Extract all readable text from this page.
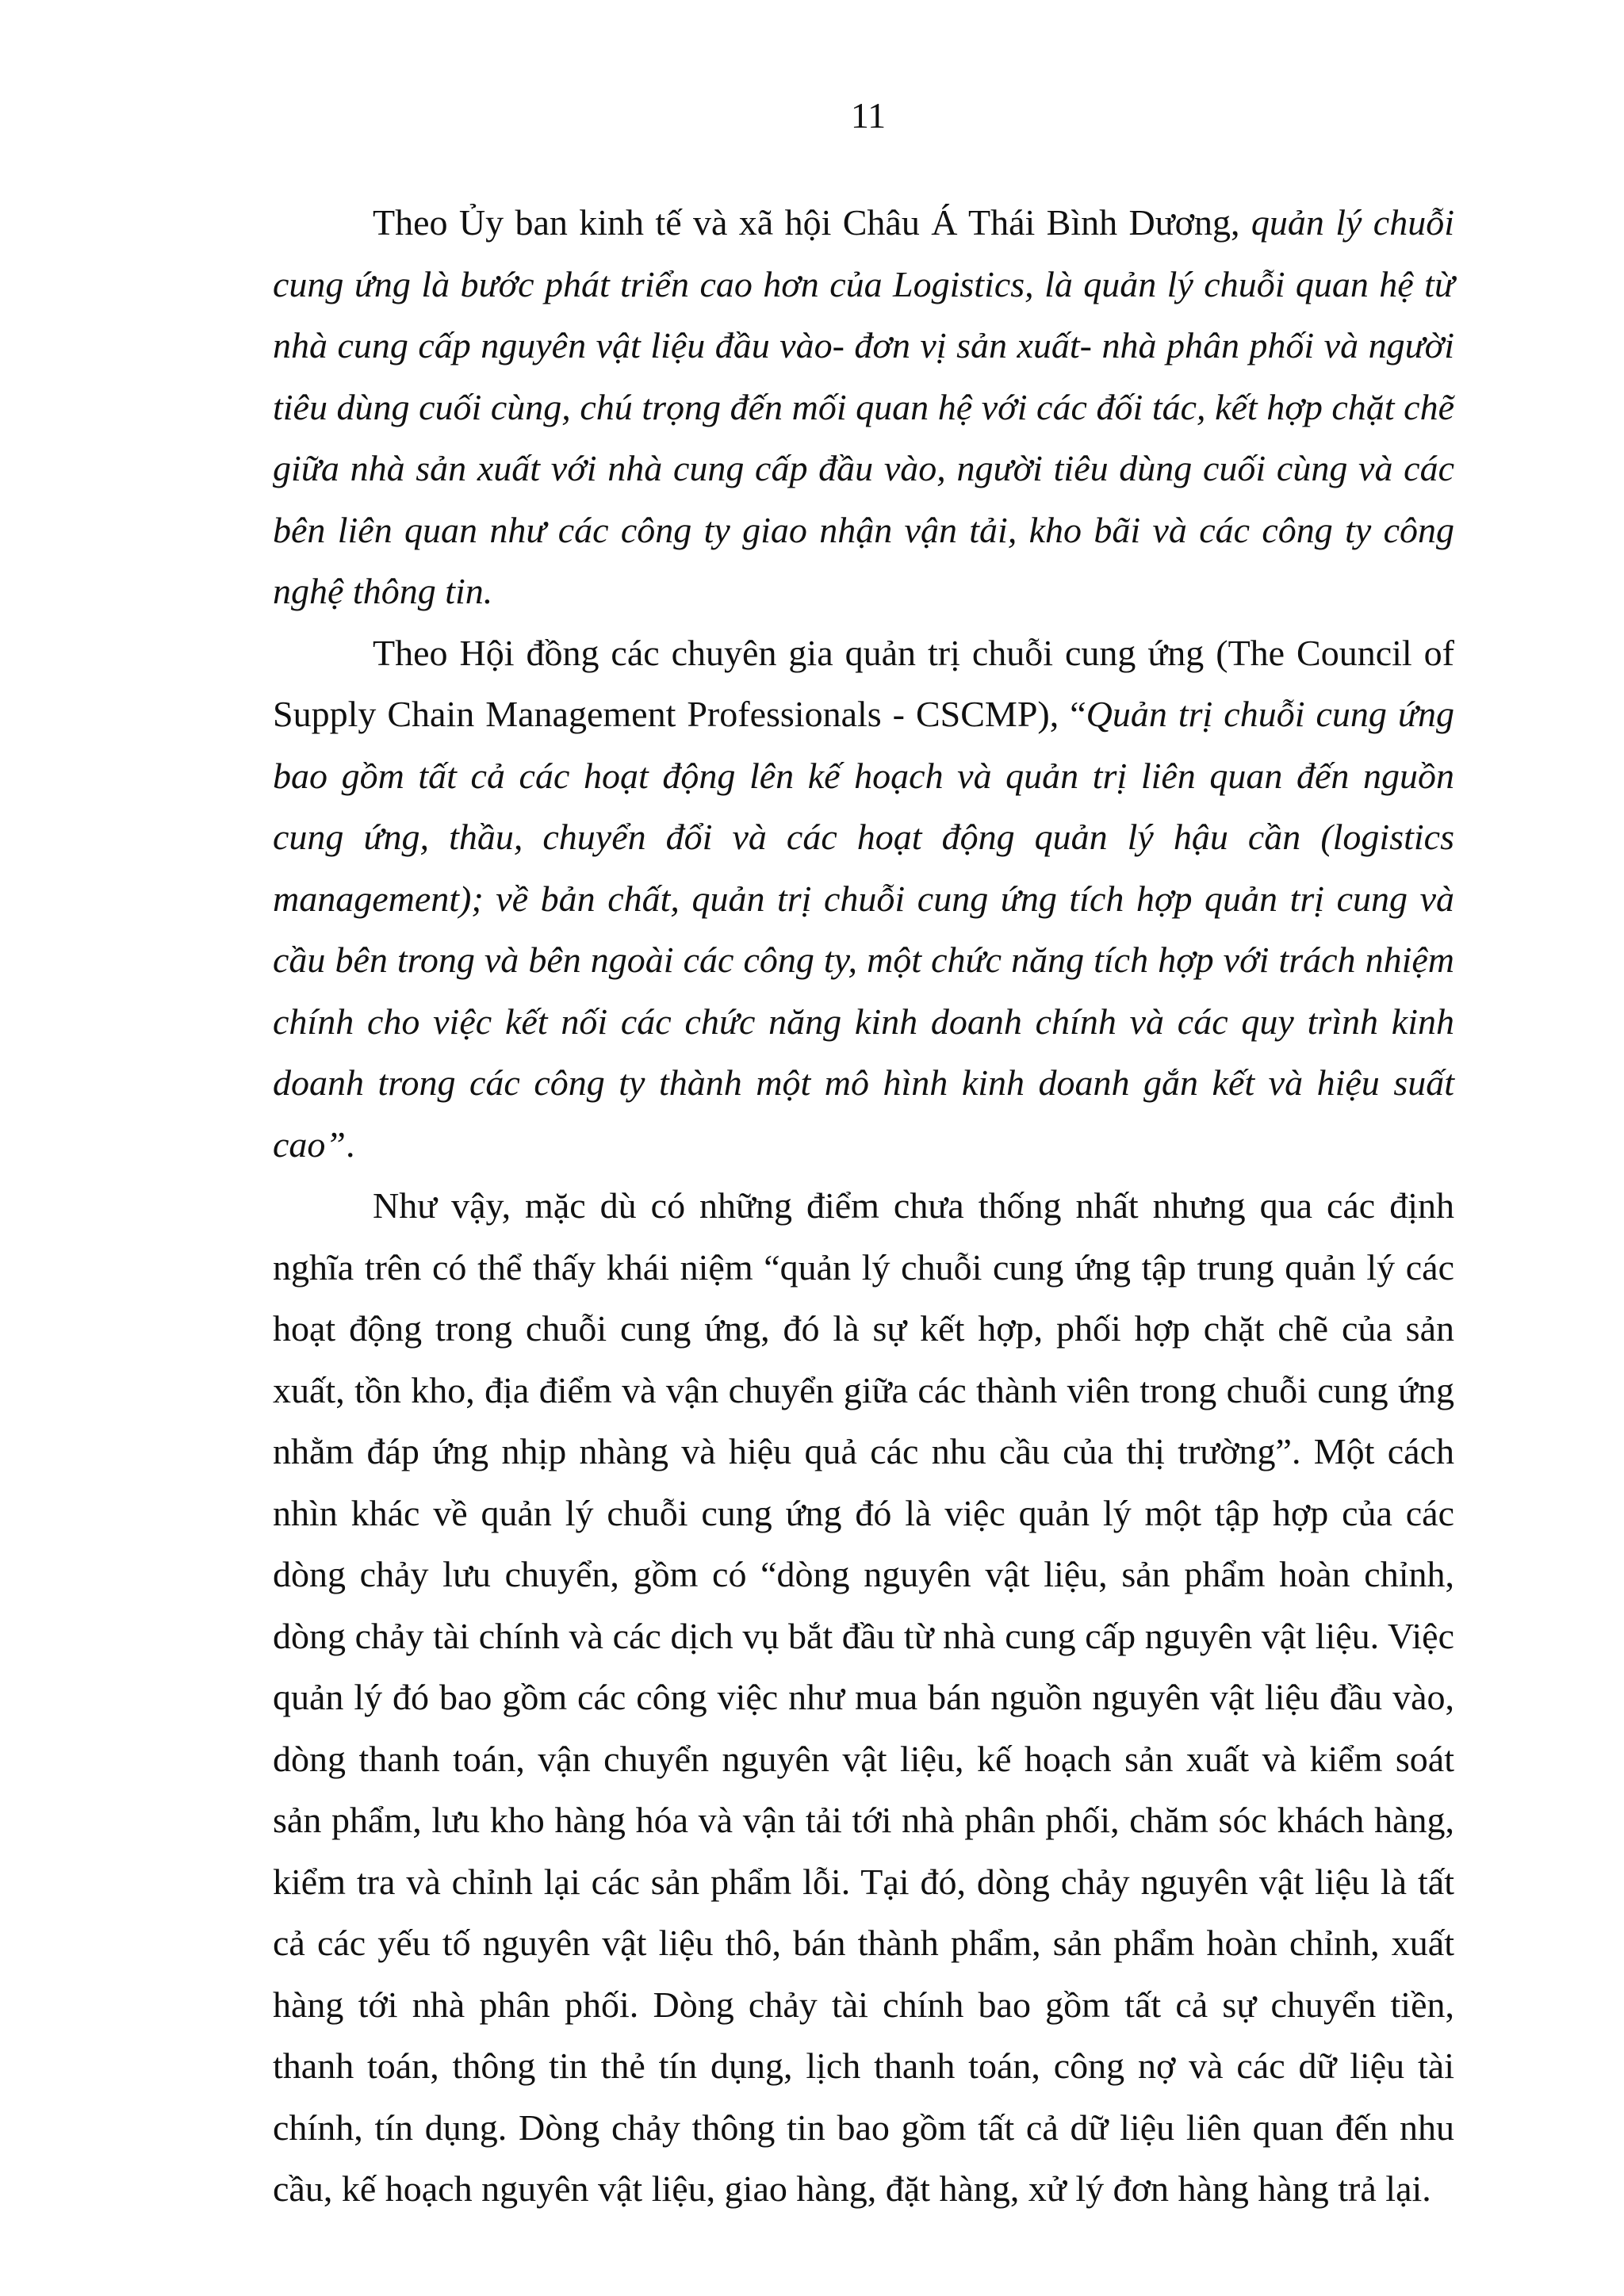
11

Theo Ủy ban kinh tế và xã hội Châu Á Thái Bình Dương, quản lý chuỗi cung ứng là bước phát triển cao hơn của Logistics, là quản lý chuỗi quan hệ từ nhà cung cấp nguyên vật liệu đầu vào- đơn vị sản xuất- nhà phân phối và người tiêu dùng cuối cùng, chú trọng đến mối quan hệ với các đối tác, kết hợp chặt chẽ giữa nhà sản xuất với nhà cung cấp đầu vào, người tiêu dùng cuối cùng và các bên liên quan như các công ty giao nhận vận tải, kho bãi và các công ty công nghệ thông tin.

Theo Hội đồng các chuyên gia quản trị chuỗi cung ứng (The Council of Supply Chain Management Professionals - CSCMP), “Quản trị chuỗi cung ứng bao gồm tất cả các hoạt động lên kế hoạch và quản trị liên quan đến nguồn cung ứng, thầu, chuyển đổi và các hoạt động quản lý hậu cần (logistics management); về bản chất, quản trị chuỗi cung ứng tích hợp quản trị cung và cầu bên trong và bên ngoài các công ty, một chức năng tích hợp với trách nhiệm chính cho việc kết nối các chức năng kinh doanh chính và các quy trình kinh doanh trong các công ty thành một mô hình kinh doanh gắn kết và hiệu suất cao”.

Như vậy, mặc dù có những điểm chưa thống nhất nhưng qua các định nghĩa trên có thể thấy khái niệm “quản lý chuỗi cung ứng tập trung quản lý các hoạt động trong chuỗi cung ứng, đó là sự kết hợp, phối hợp chặt chẽ của sản xuất, tồn kho, địa điểm và vận chuyển giữa các thành viên trong chuỗi cung ứng nhằm đáp ứng nhịp nhàng và hiệu quả các nhu cầu của thị trường”. Một cách nhìn khác về quản lý chuỗi cung ứng đó là việc quản lý một tập hợp của các dòng chảy lưu chuyển, gồm có “dòng nguyên vật liệu, sản phẩm hoàn chỉnh, dòng chảy tài chính và các dịch vụ bắt đầu từ nhà cung cấp nguyên vật liệu. Việc quản lý đó bao gồm các công việc như mua bán nguồn nguyên vật liệu đầu vào, dòng thanh toán, vận chuyển nguyên vật liệu, kế hoạch sản xuất và kiểm soát sản phẩm, lưu kho hàng hóa và vận tải tới nhà phân phối, chăm sóc khách hàng, kiểm tra và chỉnh lại các sản phẩm lỗi. Tại đó, dòng chảy nguyên vật liệu là tất cả các yếu tố nguyên vật liệu thô, bán thành phẩm, sản phẩm hoàn chỉnh, xuất hàng tới nhà phân phối. Dòng chảy tài chính bao gồm tất cả sự chuyển tiền, thanh toán, thông tin thẻ tín dụng, lịch thanh toán, công nợ và các dữ liệu tài chính, tín dụng. Dòng chảy thông tin bao gồm tất cả dữ liệu liên quan đến nhu cầu, kế hoạch nguyên vật liệu, giao hàng, đặt hàng, xử lý đơn hàng hàng trả lại.
